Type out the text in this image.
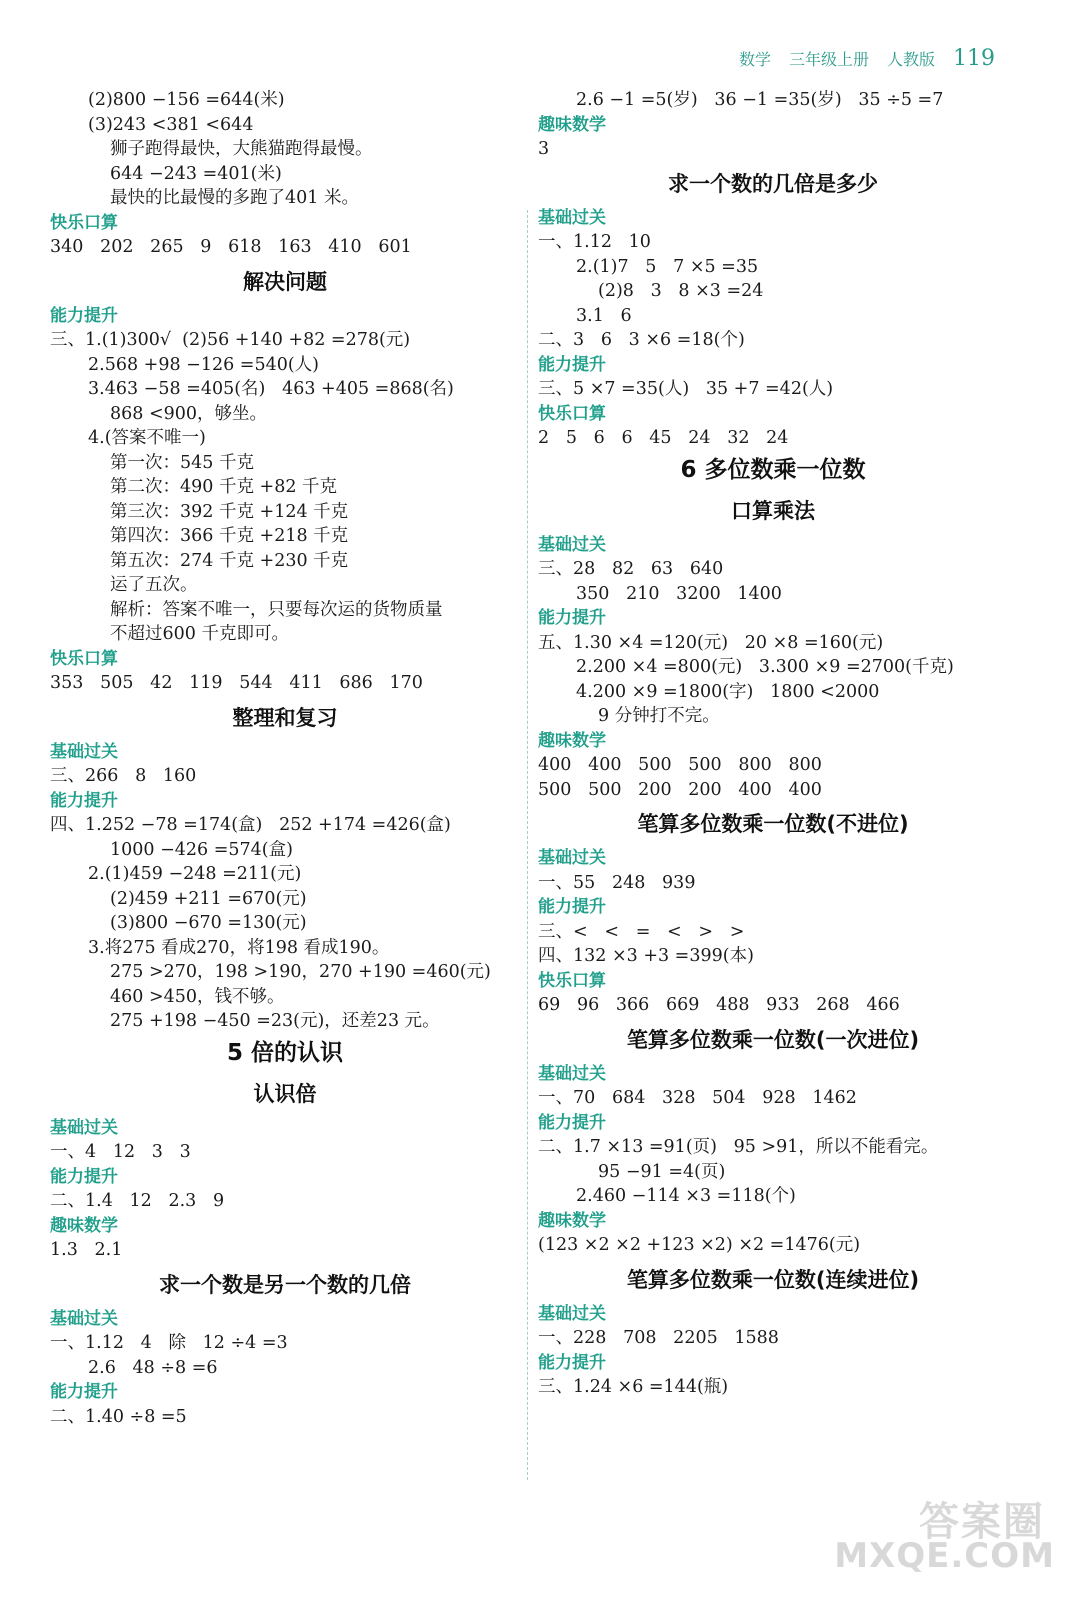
数学 三年级上册 人教版 119
(2)800 −156 =644(米)
(3)243 <381 <644
狮子跑得最快，大熊猫跑得最慢。
644 −243 =401(米)
最快的比最慢的多跑了401 米。
快乐口算
340   202   265   9   618   163   410   601
解决问题
能力提升
三、1.(1)300√  (2)56 +140 +82 =278(元)
2.568 +98 −126 =540(人)
3.463 −58 =405(名)   463 +405 =868(名)
868 <900，够坐。
4.(答案不唯一)
第一次：545 千克
第二次：490 千克 +82 千克
第三次：392 千克 +124 千克
第四次：366 千克 +218 千克
第五次：274 千克 +230 千克
运了五次。
解析：答案不唯一，只要每次运的货物质量
不超过600 千克即可。
快乐口算
353   505   42   119   544   411   686   170
整理和复习
基础过关
三、266   8   160
能力提升
四、1.252 −78 =174(盒)   252 +174 =426(盒)
1000 −426 =574(盒)
2.(1)459 −248 =211(元)
(2)459 +211 =670(元)
(3)800 −670 =130(元)
3.将275 看成270，将198 看成190。
275 >270，198 >190，270 +190 =460(元)
460 >450，钱不够。
275 +198 −450 =23(元)，还差23 元。
5 倍的认识
认识倍
基础过关
一、4   12   3   3
能力提升
二、1.4   12   2.3   9
趣味数学
1.3   2.1
求一个数是另一个数的几倍
基础过关
一、1.12   4   除   12 ÷4 =3
2.6   48 ÷8 =6
能力提升
二、1.40 ÷8 =5
2.6 −1 =5(岁)   36 −1 =35(岁)   35 ÷5 =7
趣味数学
3
求一个数的几倍是多少
基础过关
一、1.12   10
2.(1)7   5   7 ×5 =35
(2)8   3   8 ×3 =24
3.1   6
二、3   6   3 ×6 =18(个)
能力提升
三、5 ×7 =35(人)   35 +7 =42(人)
快乐口算
2   5   6   6   45   24   32   24
6 多位数乘一位数
口算乘法
基础过关
三、28   82   63   640
350   210   3200   1400
能力提升
五、1.30 ×4 =120(元)   20 ×8 =160(元)
2.200 ×4 =800(元)   3.300 ×9 =2700(千克)
4.200 ×9 =1800(字)   1800 <2000
9 分钟打不完。
趣味数学
400   400   500   500   800   800
500   500   200   200   400   400
笔算多位数乘一位数(不进位)
基础过关
一、55   248   939
能力提升
三、<   <   =   <   >   >
四、132 ×3 +3 =399(本)
快乐口算
69   96   366   669   488   933   268   466
笔算多位数乘一位数(一次进位)
基础过关
一、70   684   328   504   928   1462
能力提升
二、1.7 ×13 =91(页)   95 >91，所以不能看完。
95 −91 =4(页)
2.460 −114 ×3 =118(个)
趣味数学
(123 ×2 ×2 +123 ×2) ×2 =1476(元)
笔算多位数乘一位数(连续进位)
基础过关
一、228   708   2205   1588
能力提升
三、1.24 ×6 =144(瓶)
答案圈
MXQE.COM
